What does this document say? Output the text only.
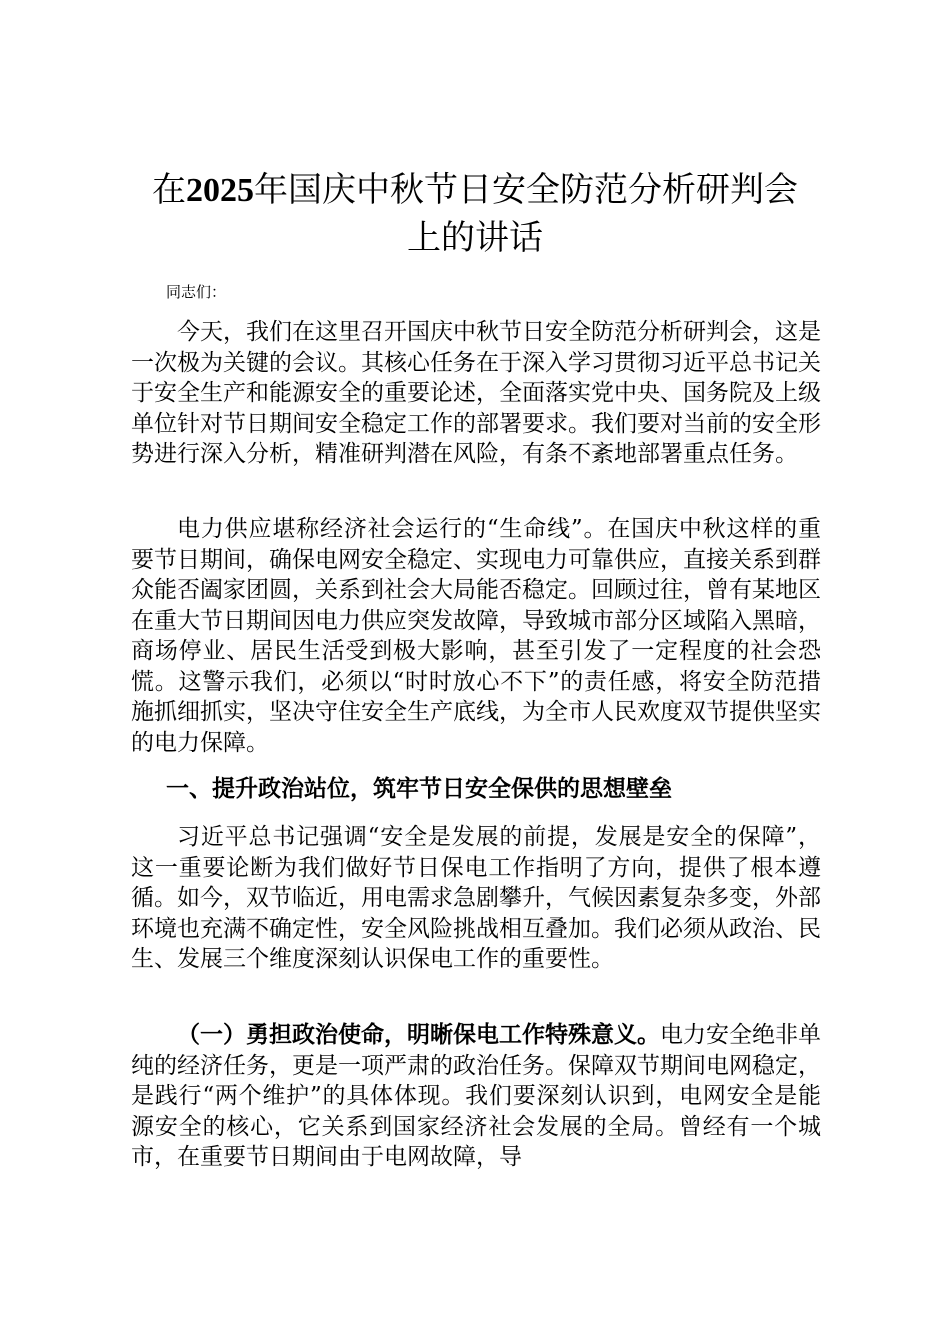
在2025年国庆中秋节日安全防范分析研判会
上的讲话

同志们：

今天，我们在这里召开国庆中秋节日安全防范分析研判会，这是一次极为关键的会议。其核心任务在于深入学习贯彻习近平总书记关于安全生产和能源安全的重要论述，全面落实党中央、国务院及上级单位针对节日期间安全稳定工作的部署要求。我们要对当前的安全形势进行深入分析，精准研判潜在风险，有条不紊地部署重点任务。

电力供应堪称经济社会运行的“生命线”。在国庆中秋这样的重要节日期间，确保电网安全稳定、实现电力可靠供应，直接关系到群众能否阖家团圆，关系到社会大局能否稳定。回顾过往，曾有某地区在重大节日期间因电力供应突发故障，导致城市部分区域陷入黑暗，商场停业、居民生活受到极大影响，甚至引发了一定程度的社会恐慌。这警示我们，必须以“时时放心不下”的责任感，将安全防范措施抓细抓实，坚决守住安全生产底线，为全市人民欢度双节提供坚实的电力保障。

一、提升政治站位，筑牢节日安全保供的思想壁垒

习近平总书记强调“安全是发展的前提，发展是安全的保障”，这一重要论断为我们做好节日保电工作指明了方向，提供了根本遵循。如今，双节临近，用电需求急剧攀升，气候因素复杂多变，外部环境也充满不确定性，安全风险挑战相互叠加。我们必须从政治、民生、发展三个维度深刻认识保电工作的重要性。

（一）勇担政治使命，明晰保电工作特殊意义。电力安全绝非单纯的经济任务，更是一项严肃的政治任务。保障双节期间电网稳定，是践行“两个维护”的具体体现。我们要深刻认识到，电网安全是能源安全的核心，它关系到国家经济社会发展的全局。曾经有一个城市，在重要节日期间由于电网故障，导
